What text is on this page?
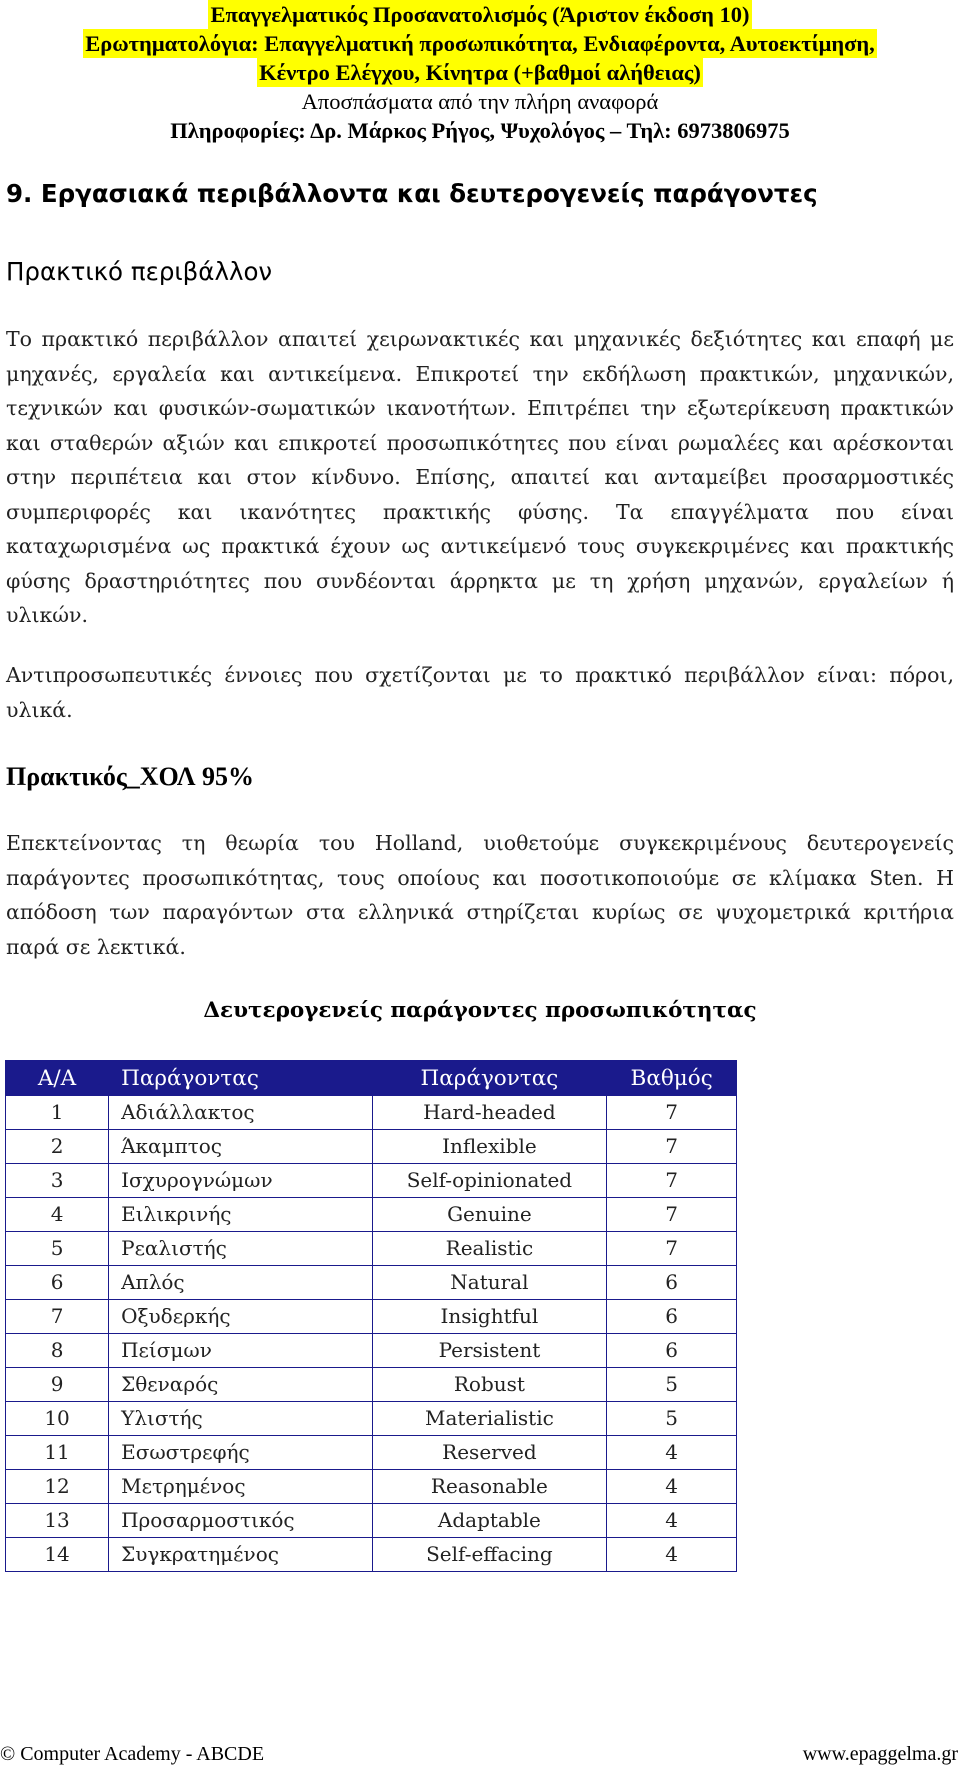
Επαγγελματικός Προσανατολισμός (Άριστον έκδοση 10)
Ερωτηματολόγια: Επαγγελματική προσωπικότητα, Ενδιαφέροντα, Αυτοεκτίμηση,
Κέντρο Ελέγχου, Κίνητρα (+βαθμοί αλήθειας)
Αποσπάσματα από την πλήρη αναφορά
Πληροφορίες: Δρ. Μάρκος Ρήγος, Ψυχολόγος – Τηλ: 6973806975
9. Εργασιακά περιβάλλοντα και δευτερογενείς παράγοντες
Πρακτικό περιβάλλον

Το πρακτικό περιβάλλον απαιτεί χειρωνακτικές και μηχανικές δεξιότητες και επαφή με μηχανές, εργαλεία και αντικείμενα. Επικροτεί την εκδήλωση πρακτικών, μηχανικών, τεχνικών και φυσικών-σωματικών ικανοτήτων. Επιτρέπει την εξωτερίκευση πρακτικών και σταθερών αξιών και επικροτεί προσωπικότητες που είναι ρωμαλέες και αρέσκονται στην περιπέτεια και στον κίνδυνο. Επίσης, απαιτεί και ανταμείβει προσαρμοστικές συμπεριφορές και ικανότητες πρακτικής φύσης. Τα επαγγέλματα που είναι καταχωρισμένα ως πρακτικά έχουν ως αντικείμενό τους συγκεκριμένες και πρακτικής φύσης δραστηριότητες που συνδέονται άρρηκτα με τη χρήση μηχανών, εργαλείων ή υλικών.

Αντιπροσωπευτικές έννοιες που σχετίζονται με το πρακτικό περιβάλλον είναι: πόροι, υλικά.

Πρακτικός_ΧΟΛ 95%

Επεκτείνοντας τη θεωρία του Holland, υιοθετούμε συγκεκριμένους δευτερογενείς παράγοντες προσωπικότητας, τους οποίους και ποσοτικοποιούμε σε κλίμακα Sten. Η απόδοση των παραγόντων στα ελληνικά στηρίζεται κυρίως σε ψυχομετρικά κριτήρια παρά σε λεκτικά.

Δευτερογενείς παράγοντες προσωπικότητας
Α/Α	Παράγοντας	Παράγοντας	Βαθμός
1	Αδιάλλακτος	Hard-headed	7
2	Άκαμπτος	Inflexible	7
3	Ισχυρογνώμων	Self-opinionated	7
4	Ειλικρινής	Genuine	7
5	Ρεαλιστής	Realistic	7
6	Απλός	Natural	6
7	Οξυδερκής	Insightful	6
8	Πείσμων	Persistent	6
9	Σθεναρός	Robust	5
10	Υλιστής	Materialistic	5
11	Εσωστρεφής	Reserved	4
12	Μετρημένος	Reasonable	4
13	Προσαρμοστικός	Adaptable	4
14	Συγκρατημένος	Self-effacing	4
© Computer Academy - ABCDE	www.epaggelma.gr
